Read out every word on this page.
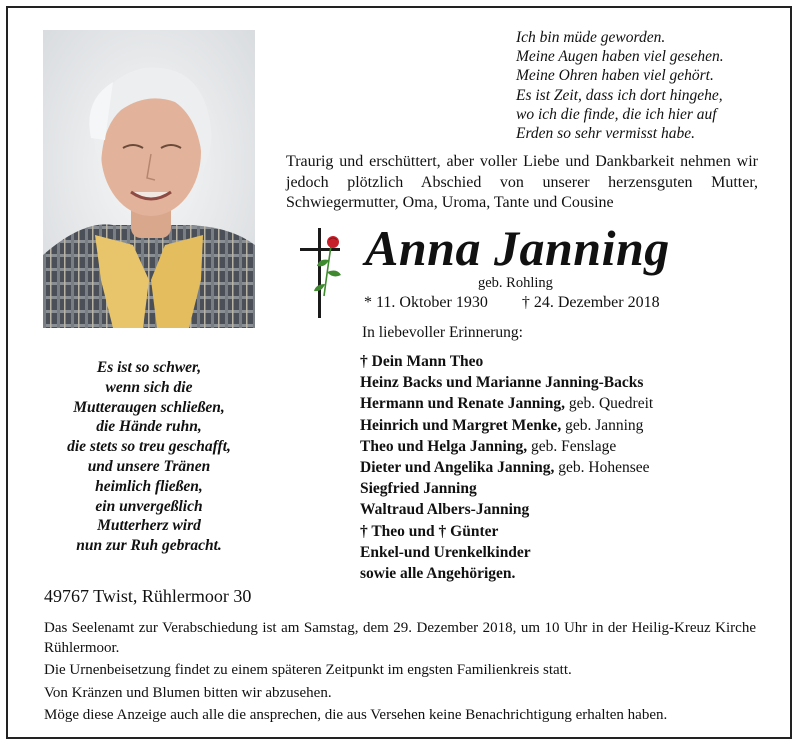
Ich bin müde geworden.
Meine Augen haben viel gesehen.
Meine Ohren haben viel gehört.
Es ist Zeit, dass ich dort hingehe,
wo ich die finde, die ich hier auf
Erden so sehr vermisst habe.
Traurig und erschüttert, aber voller Liebe und Dankbarkeit nehmen wir jedoch plötzlich Abschied von unserer herzensguten Mutter, Schwiegermutter, Oma, Uroma, Tante und Cousine
Anna Janning
geb. Rohling
* 11. Oktober 1930 † 24. Dezember 2018
In liebevoller Erinnerung:
† Dein Mann Theo
Heinz Backs und Marianne Janning-Backs
Hermann und Renate Janning, geb. Quedreit
Heinrich und Margret Menke, geb. Janning
Theo und Helga Janning, geb. Fenslage
Dieter und Angelika Janning, geb. Hohensee
Siegfried Janning
Waltraud Albers-Janning
† Theo und † Günter
Enkel-und Urenkelkinder
sowie alle Angehörigen.
Es ist so schwer,
wenn sich die
Mutteraugen schließen,
die Hände ruhn,
die stets so treu geschafft,
und unsere Tränen
heimlich fließen,
ein unvergeßlich
Mutterherz wird
nun zur Ruh gebracht.
49767 Twist, Rühlermoor 30

Das Seelenamt zur Verabschiedung ist am Samstag, dem 29. Dezember 2018, um 10 Uhr in der Heilig-Kreuz Kirche Rühlermoor.

Die Urnenbeisetzung findet zu einem späteren Zeitpunkt im engsten Familienkreis statt.

Von Kränzen und Blumen bitten wir abzusehen.

Möge diese Anzeige auch alle die ansprechen, die aus Versehen keine Benachrichtigung erhalten haben.
